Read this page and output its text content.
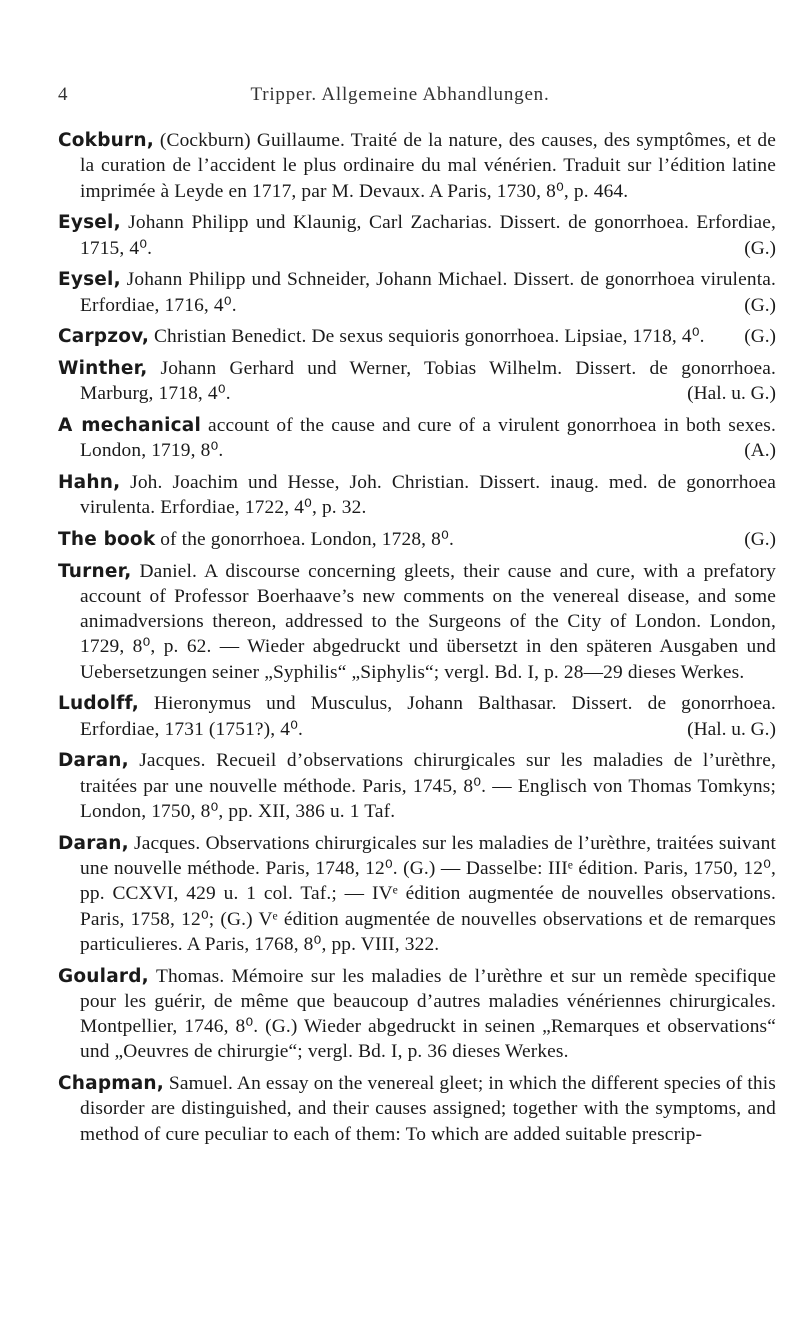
4	Tripper. Allgemeine Abhandlungen.

Cokburn, (Cockburn) Guillaume. Traité de la nature, des causes, des symptômes, et de la curation de l’accident le plus ordinaire du mal vénérien. Traduit sur l’édition latine imprimée à Leyde en 1717, par M. Devaux. A Paris, 1730, 8⁰, p. 464.

Eysel, Johann Philipp und Klaunig, Carl Zacharias. Dissert. de gonorrhoea. Erfordiae, 1715, 4⁰.	(G.)

Eysel, Johann Philipp und Schneider, Johann Michael. Dissert. de gonorrhoea virulenta. Erfordiae, 1716, 4⁰.	(G.)

Carpzov, Christian Benedict. De sexus sequioris gonorrhoea. Lipsiae, 1718, 4⁰. (G.)

Winther, Johann Gerhard und Werner, Tobias Wilhelm. Dissert. de gonorrhoea. Marburg, 1718, 4⁰.	(Hal. u. G.)

A mechanical account of the cause and cure of a virulent gonorrhoea in both sexes. London, 1719, 8⁰.	(A.)

Hahn, Joh. Joachim und Hesse, Joh. Christian. Dissert. inaug. med. de gonorrhoea virulenta. Erfordiae, 1722, 4⁰, p. 32.

The book of the gonorrhoea. London, 1728, 8⁰.	(G.)

Turner, Daniel. A discourse concerning gleets, their cause and cure, with a prefatory account of Professor Boerhaave’s new comments on the venereal disease, and some animadversions thereon, addressed to the Surgeons of the City of London. London, 1729, 8⁰, p. 62. — Wieder abgedruckt und übersetzt in den späteren Ausgaben und Uebersetzungen seiner „Syphilis“ „Siphylis“; vergl. Bd. I, p. 28—29 dieses Werkes.

Ludolff, Hieronymus und Musculus, Johann Balthasar. Dissert. de gonorrhoea. Erfordiae, 1731 (1751?), 4⁰.	(Hal. u. G.)

Daran, Jacques. Recueil d’observations chirurgicales sur les maladies de l’urèthre, traitées par une nouvelle méthode. Paris, 1745, 8⁰. — Englisch von Thomas Tomkyns; London, 1750, 8⁰, pp. XII, 386 u. 1 Taf.

Daran, Jacques. Observations chirurgicales sur les maladies de l’urèthre, traitées suivant une nouvelle méthode. Paris, 1748, 12⁰. (G.) — Dasselbe: IIIᵉ édition. Paris, 1750, 12⁰, pp. CCXVI, 429 u. 1 col. Taf.; — IVᵉ édition augmentée de nouvelles observations. Paris, 1758, 12⁰; (G.) Vᵉ édition augmentée de nouvelles observations et de remarques particulieres. A Paris, 1768, 8⁰, pp. VIII, 322.

Goulard, Thomas. Mémoire sur les maladies de l’urèthre et sur un remède specifique pour les guérir, de même que beaucoup d’autres maladies vénériennes chirurgicales. Montpellier, 1746, 8⁰. (G.) Wieder abgedruckt in seinen „Remarques et observations“ und „Oeuvres de chirurgie“; vergl. Bd. I, p. 36 dieses Werkes.

Chapman, Samuel. An essay on the venereal gleet; in which the different species of this disorder are distinguished, and their causes assigned; together with the symptoms, and method of cure peculiar to each of them: To which are added suitable prescrip-
